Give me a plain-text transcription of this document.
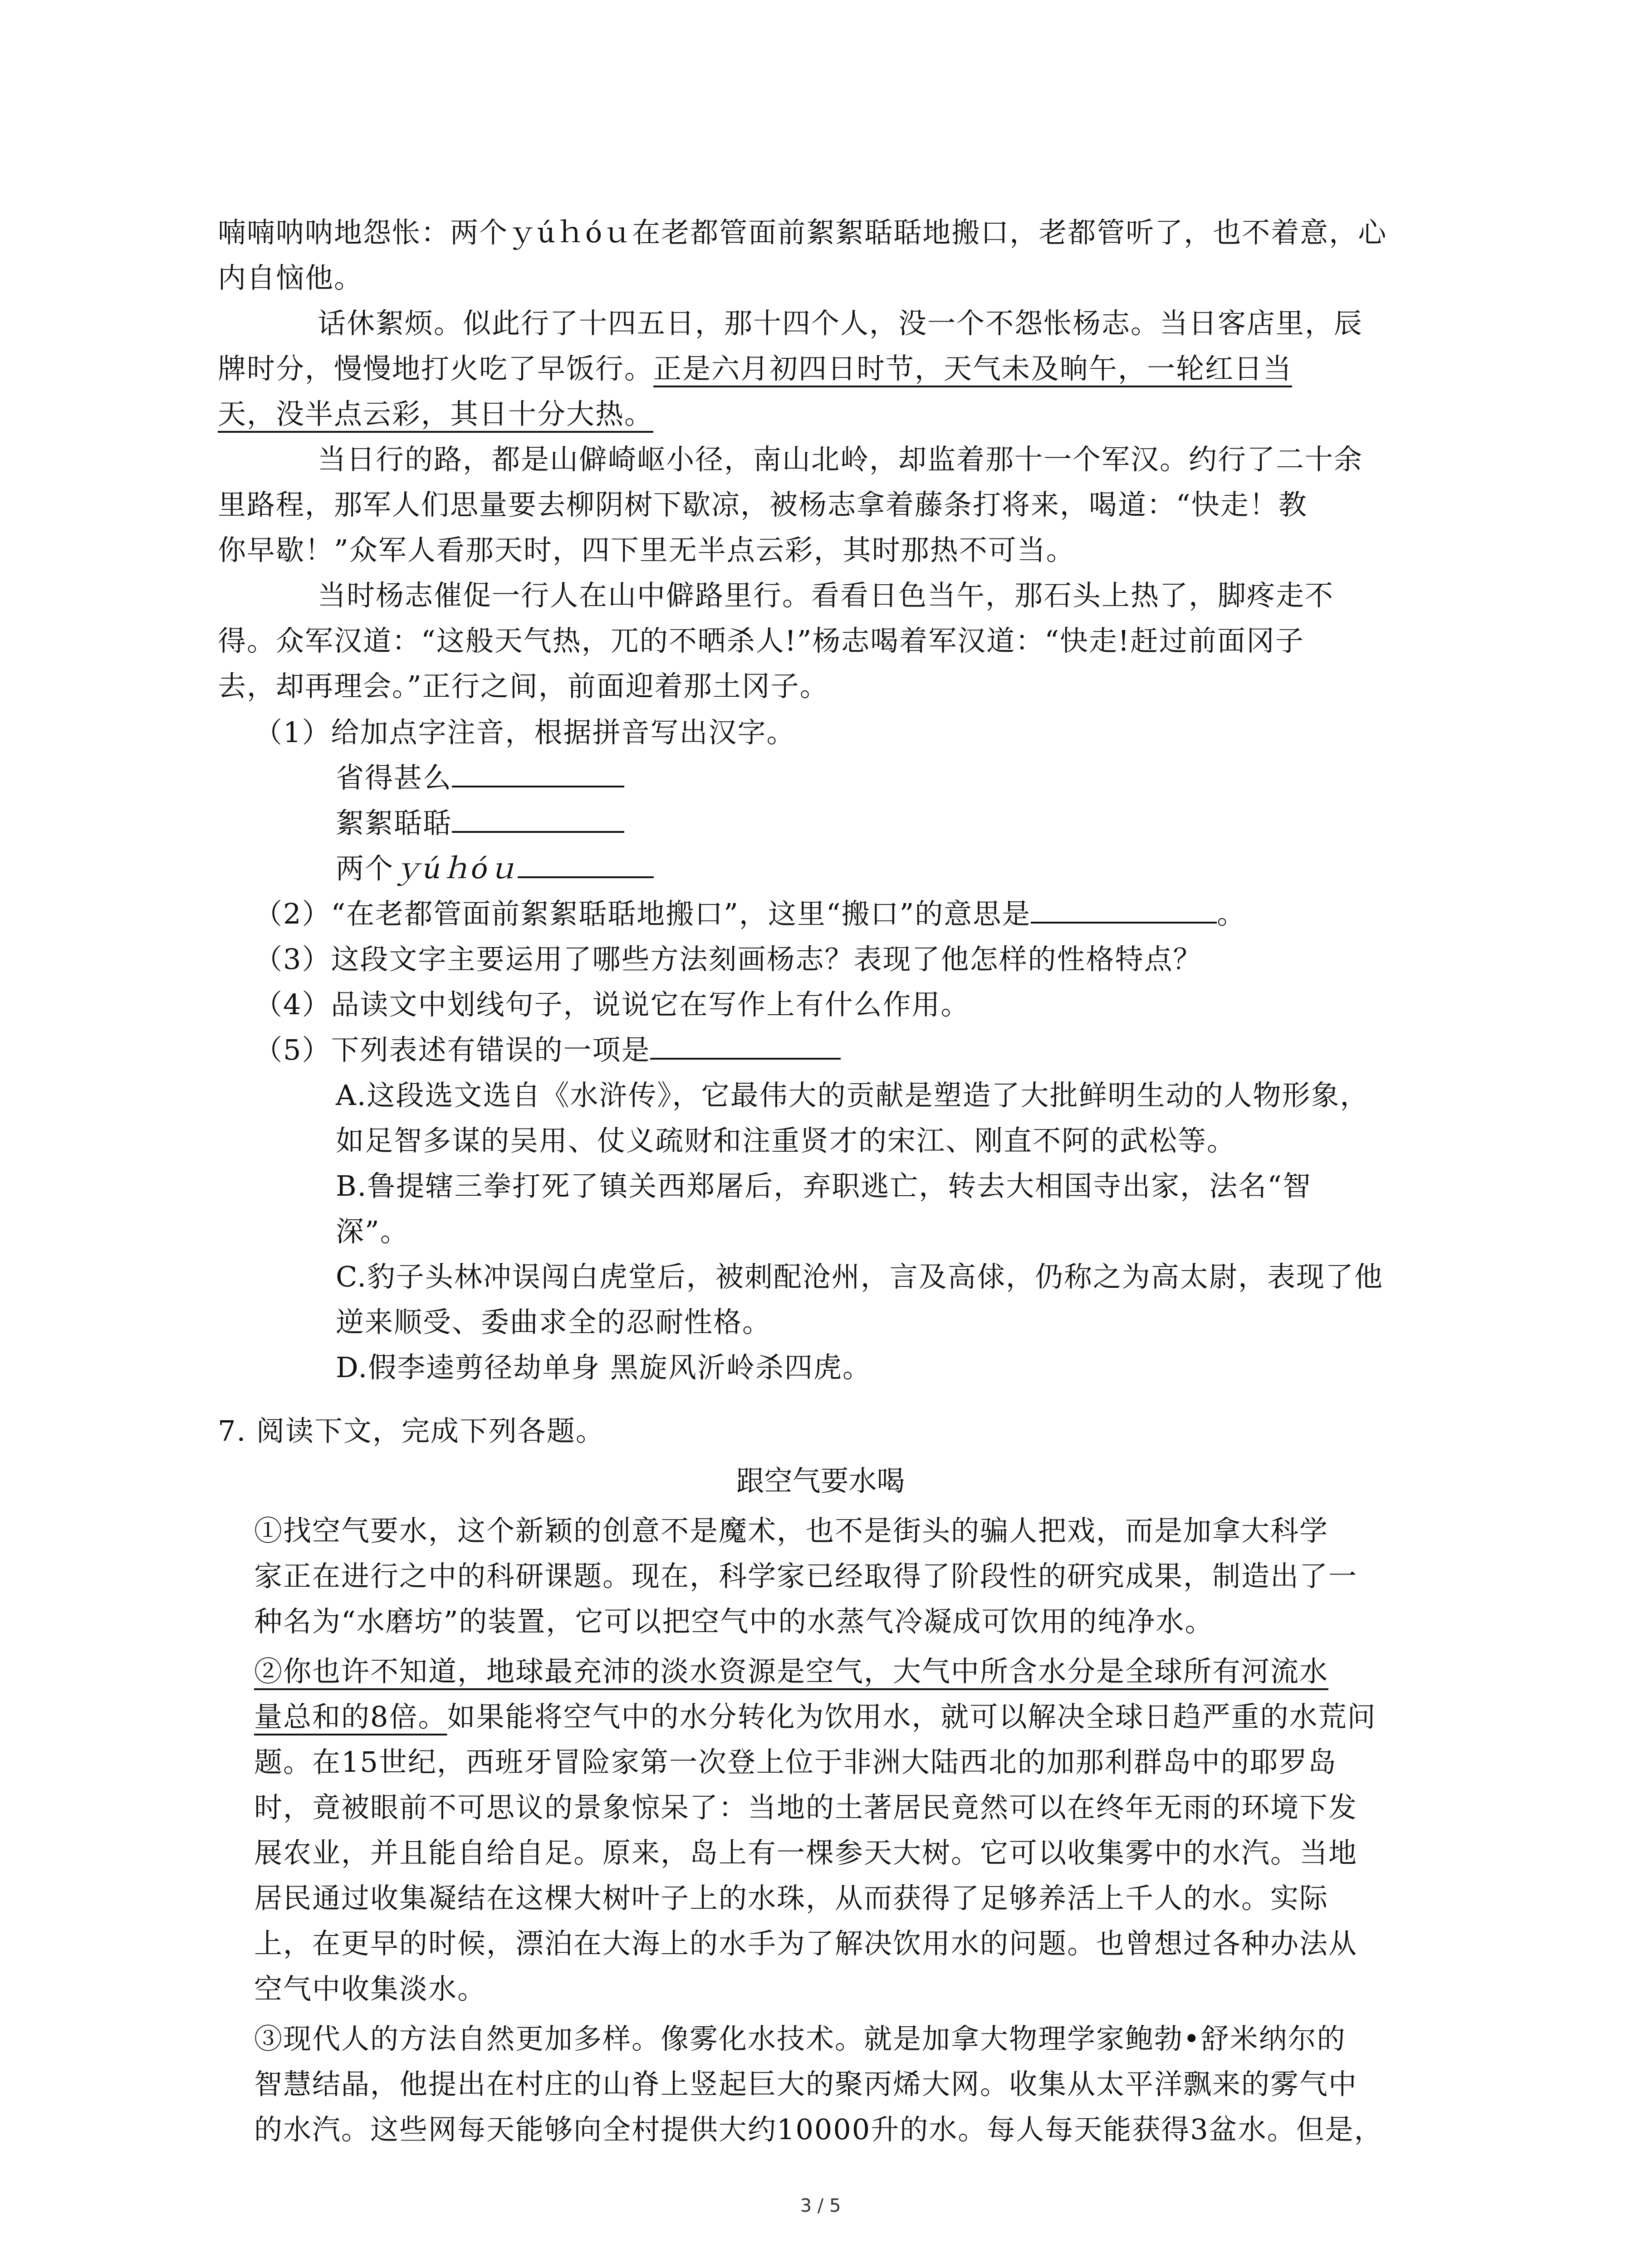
喃喃呐呐地怨怅：两个ｙúｈóｕ在老都管面前絮絮聒聒地搬口，老都管听了，也不着意，心
内自恼他。
话休絮烦。似此行了十四五日，那十四个人，没一个不怨怅杨志。当日客店里，辰
牌时分，慢慢地打火吃了早饭行。正是六月初四日时节，天气未及晌午，一轮红日当
天，没半点云彩，其日十分大热。
当日行的路，都是山僻崎岖小径，南山北岭，却监着那十一个军汉。约行了二十余
里路程，那军人们思量要去柳阴树下歇凉，被杨志拿着藤条打将来，喝道：“快走！教
你早歇！”众军人看那天时，四下里无半点云彩，其时那热不可当。
当时杨志催促一行人在山中僻路里行。看看日色当午，那石头上热了，脚疼走不
得。众军汉道：“这般天气热，兀的不晒杀人!”杨志喝着军汉道：“快走!赶过前面冈子
去，却再理会。”正行之间，前面迎着那土冈子。
（1）给加点字注音，根据拼音写出汉字。
省得甚么
絮絮聒聒
两个ｙúｈóｕ
（2）“在老都管面前絮絮聒聒地搬口”，这里“搬口”的意思是	。
（3）这段文字主要运用了哪些方法刻画杨志？表现了他怎样的性格特点？
（4）品读文中划线句子，说说它在写作上有什么作用。
（5）下列表述有错误的一项是
A.这段选文选自《水浒传》，它最伟大的贡献是塑造了大批鲜明生动的人物形象，
如足智多谋的吴用、仗义疏财和注重贤才的宋江、刚直不阿的武松等。
B.鲁提辖三拳打死了镇关西郑屠后，弃职逃亡，转去大相国寺出家，法名“智
深”。
C.豹子头林冲误闯白虎堂后，被刺配沧州，言及高俅，仍称之为高太尉，表现了他
逆来顺受、委曲求全的忍耐性格。
D.假李逵剪径劫单身 黑旋风沂岭杀四虎。
7. 阅读下文，完成下列各题。
跟空气要水喝
①找空气要水，这个新颖的创意不是魔术，也不是街头的骗人把戏，而是加拿大科学
家正在进行之中的科研课题。现在，科学家已经取得了阶段性的研究成果，制造出了一
种名为“水磨坊”的装置，它可以把空气中的水蒸气冷凝成可饮用的纯净水。
②你也许不知道，地球最充沛的淡水资源是空气，大气中所含水分是全球所有河流水
量总和的8倍。如果能将空气中的水分转化为饮用水，就可以解决全球日趋严重的水荒问
题。在15世纪，西班牙冒险家第一次登上位于非洲大陆西北的加那利群岛中的耶罗岛
时，竟被眼前不可思议的景象惊呆了：当地的土著居民竟然可以在终年无雨的环境下发
展农业，并且能自给自足。原来，岛上有一棵参天大树。它可以收集雾中的水汽。当地
居民通过收集凝结在这棵大树叶子上的水珠，从而获得了足够养活上千人的水。实际
上，在更早的时候，漂泊在大海上的水手为了解决饮用水的问题。也曾想过各种办法从
空气中收集淡水。
③现代人的方法自然更加多样。像雾化水技术。就是加拿大物理学家鲍勃•舒米纳尔的
智慧结晶，他提出在村庄的山脊上竖起巨大的聚丙烯大网。收集从太平洋飘来的雾气中
的水汽。这些网每天能够向全村提供大约10000升的水。每人每天能获得3盆水。但是，
3 / 5
